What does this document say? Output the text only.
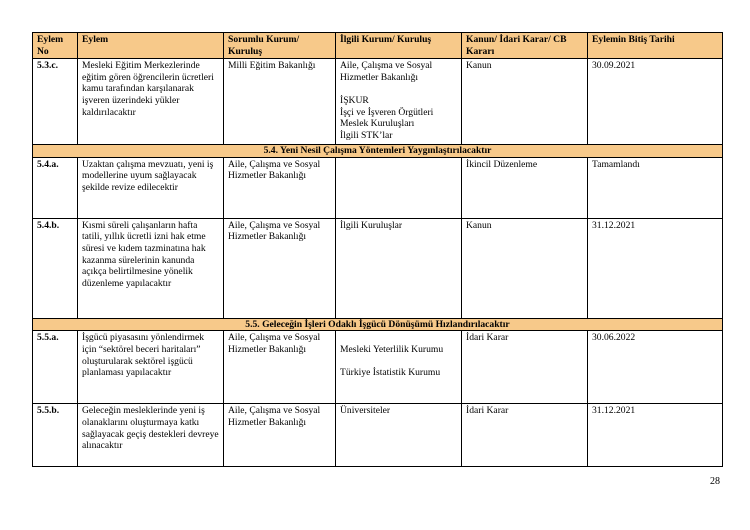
Eylem No	Eylem	Sorumlu Kurum/ Kuruluş	İlgili Kurum/ Kuruluş	Kanun/ İdari Karar/ CB Kararı	Eylemin Bitiş Tarihi
5.3.c.	Mesleki Eğitim Merkezlerinde eğitim gören öğrencilerin ücretleri kamu tarafından karşılanarak işveren üzerindeki yükler kaldırılacaktır	Milli Eğitim Bakanlığı	Aile, Çalışma ve Sosyal Hizmetler Bakanlığı
İŞKUR
İşçi ve İşveren Örgütleri
Meslek Kuruluşları
İlgili STK’lar	Kanun	30.09.2021
5.4. Yeni Nesil Çalışma Yöntemleri Yaygınlaştırılacaktır					
5.4.a.	Uzaktan çalışma mevzuatı, yeni iş modellerine uyum sağlayacak şekilde revize edilecektir	Aile, Çalışma ve Sosyal Hizmetler Bakanlığı		İkincil Düzenleme	Tamamlandı
5.4.b.	Kısmi süreli çalışanların hafta tatili, yıllık ücretli izni hak etme süresi ve kıdem tazminatına hak kazanma sürelerinin kanunda açıkça belirtilmesine yönelik düzenleme yapılacaktır	Aile, Çalışma ve Sosyal Hizmetler Bakanlığı	İlgili Kuruluşlar	Kanun	31.12.2021
5.5. Geleceğin İşleri Odaklı İşgücü Dönüşümü Hızlandırılacaktır					
5.5.a.	İşgücü piyasasını yönlendirmek için “sektörel beceri haritaları” oluşturularak sektörel işgücü planlaması yapılacaktır	Aile, Çalışma ve Sosyal Hizmetler Bakanlığı	Mesleki Yeterlilik Kurumu
Türkiye İstatistik Kurumu	İdari Karar	30.06.2022
5.5.b.	Geleceğin mesleklerinde yeni iş olanaklarını oluşturmaya katkı sağlayacak geçiş destekleri devreye alınacaktır	Aile, Çalışma ve Sosyal Hizmetler Bakanlığı	Üniversiteler	İdari Karar	31.12.2021
28
